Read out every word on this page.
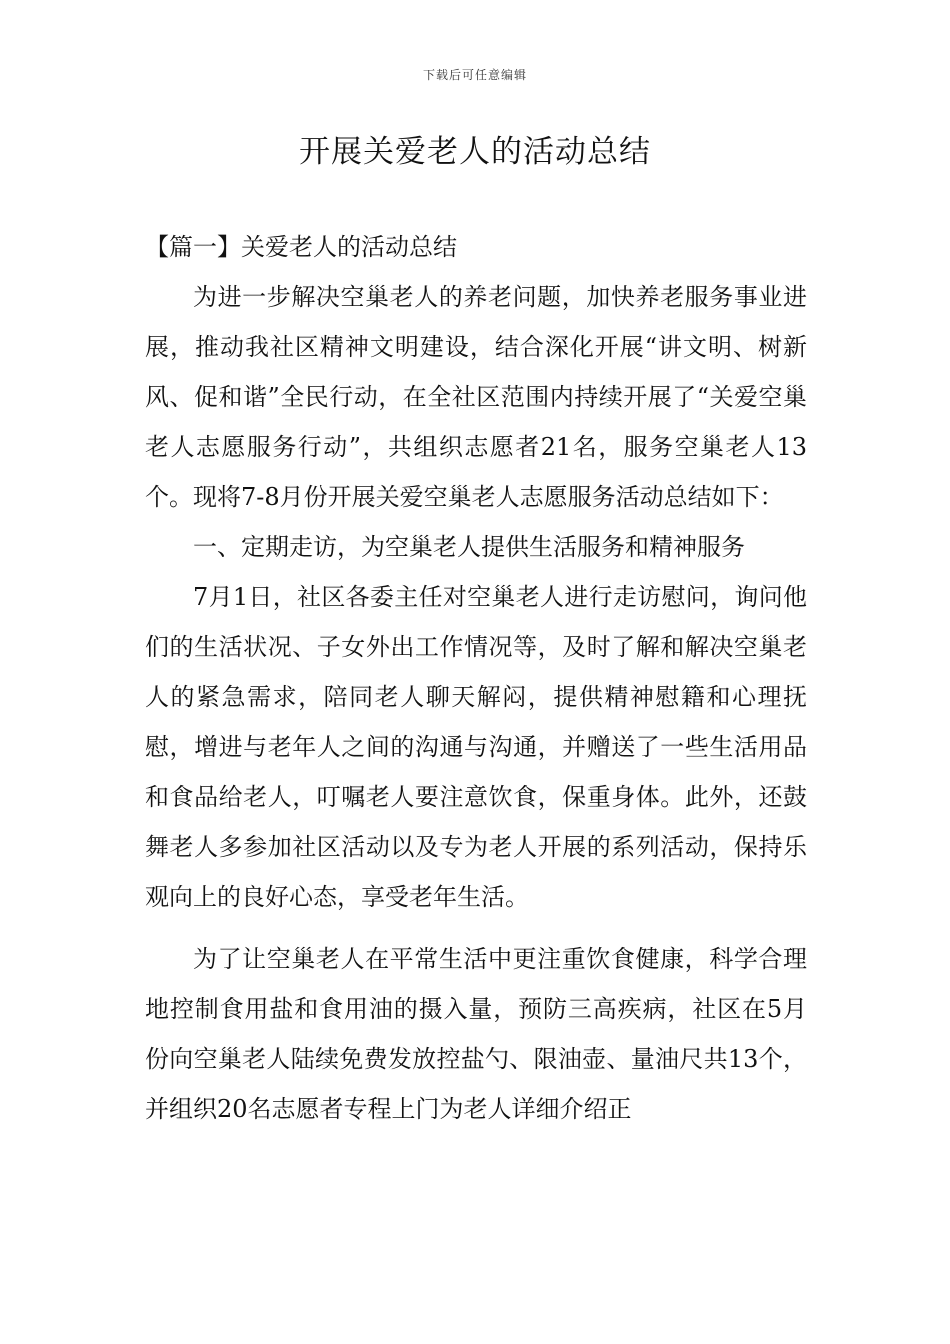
下载后可任意编辑
开展关爱老人的活动总结

【篇一】关爱老人的活动总结

为进一步解决空巢老人的养老问题，加快养老服务事业进展，推动我社区精神文明建设，结合深化开展“讲文明、树新风、促和谐”全民行动，在全社区范围内持续开展了“关爱空巢老人志愿服务行动”，共组织志愿者21名，服务空巢老人13个。现将7-8月份开展关爱空巢老人志愿服务活动总结如下：

一、定期走访，为空巢老人提供生活服务和精神服务

7月1日，社区各委主任对空巢老人进行走访慰问，询问他们的生活状况、子女外出工作情况等，及时了解和解决空巢老人的紧急需求，陪同老人聊天解闷，提供精神慰籍和心理抚慰，增进与老年人之间的沟通与沟通，并赠送了一些生活用品和食品给老人，叮嘱老人要注意饮食，保重身体。此外，还鼓舞老人多参加社区活动以及专为老人开展的系列活动，保持乐观向上的良好心态，享受老年生活。

为了让空巢老人在平常生活中更注重饮食健康，科学合理地控制食用盐和食用油的摄入量，预防三高疾病，社区在5月份向空巢老人陆续免费发放控盐勺、限油壶、量油尺共13个，并组织20名志愿者专程上门为老人详细介绍正
